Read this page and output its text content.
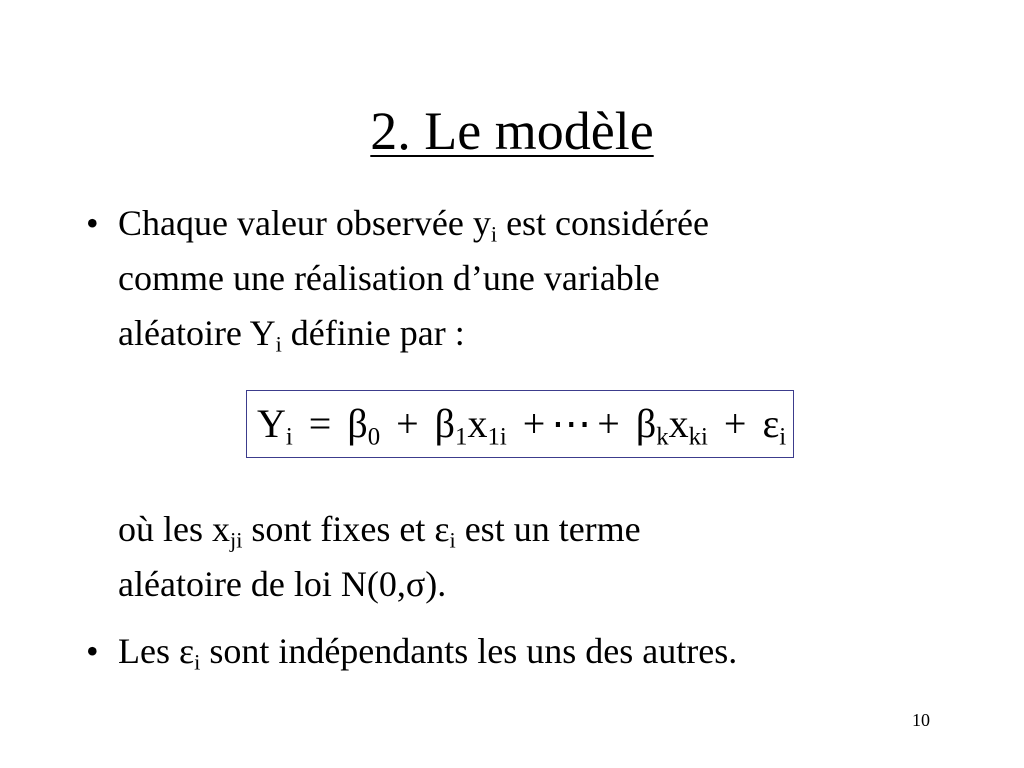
2. Le modèle
• Chaque valeur observée $y_i$ est considérée
comme une réalisation d’une variable
aléatoire $Y_i$ définie par :
$Y_i = \beta_0 + \beta_1x_{1i}$ + ⋯ + $\beta_kx_{ki} + \varepsilon_i$
où les $x_{ji}$ sont fixes et $\varepsilon_i$ est un terme
aléatoire de loi N(0,σ).
• Les $\varepsilon_i$ sont indépendants les uns des autres.
10
